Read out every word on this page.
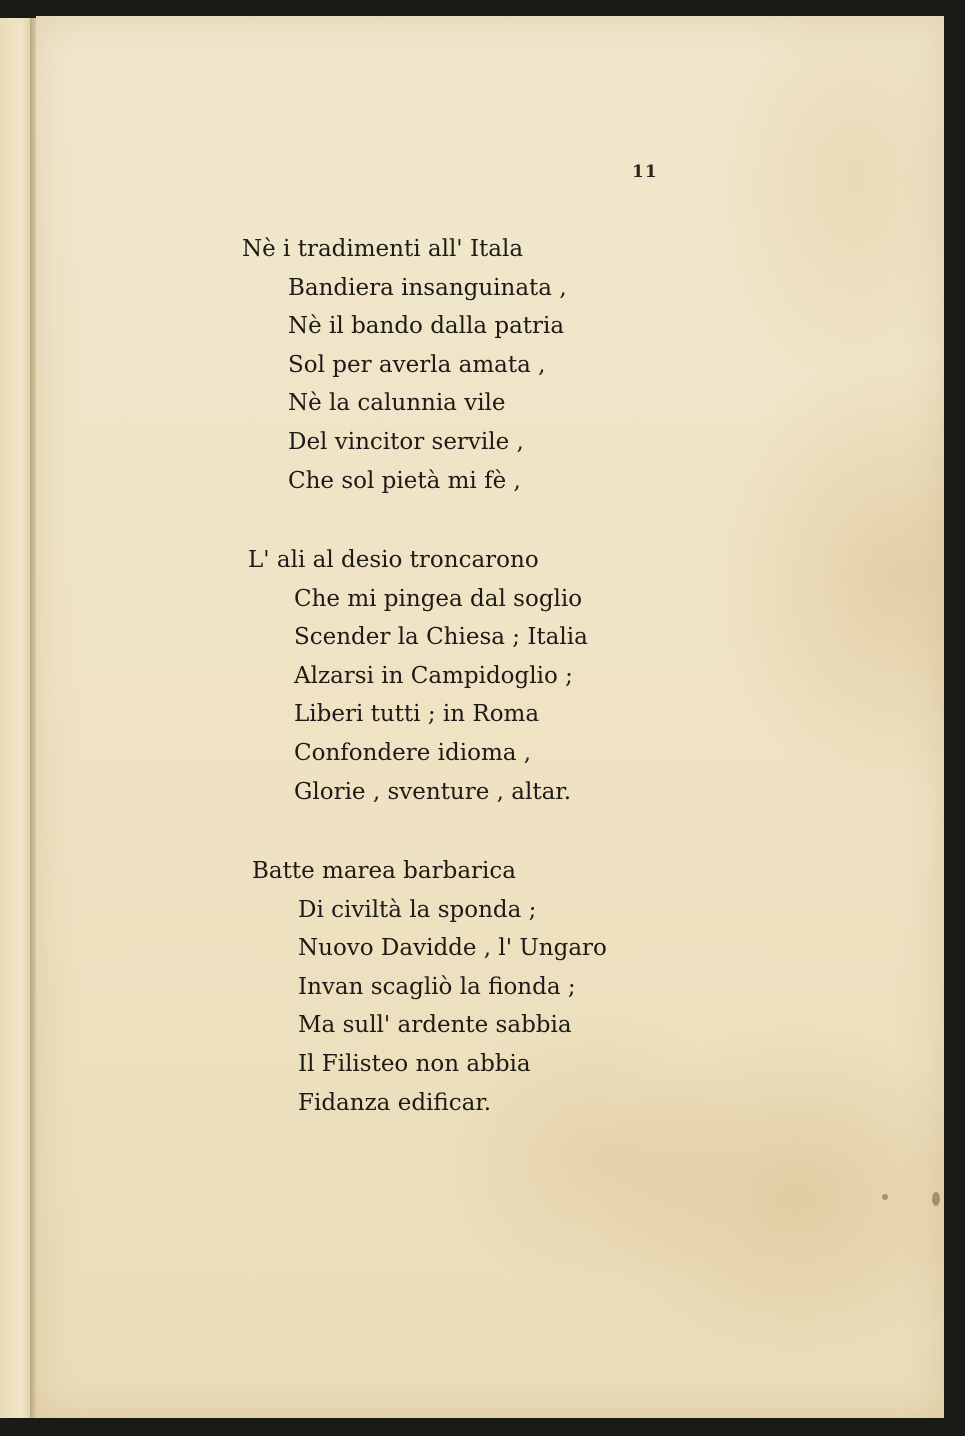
11
Nè i tradimenti all' Itala
Bandiera insanguinata ,
Nè il bando dalla patria
Sol per averla amata ,
Nè la calunnia vile
Del vincitor servile ,
Che sol pietà mi fè ,
L' ali al desio troncarono
Che mi pingea dal soglio
Scender la Chiesa ; Italia
Alzarsi in Campidoglio ;
Liberi tutti ; in Roma
Confondere idioma ,
Glorie , sventure , altar.
Batte marea barbarica
Di civiltà la sponda ;
Nuovo Davidde , l' Ungaro
Invan scagliò la fionda ;
Ma sull' ardente sabbia
Il Filisteo non abbia
Fidanza edificar.
